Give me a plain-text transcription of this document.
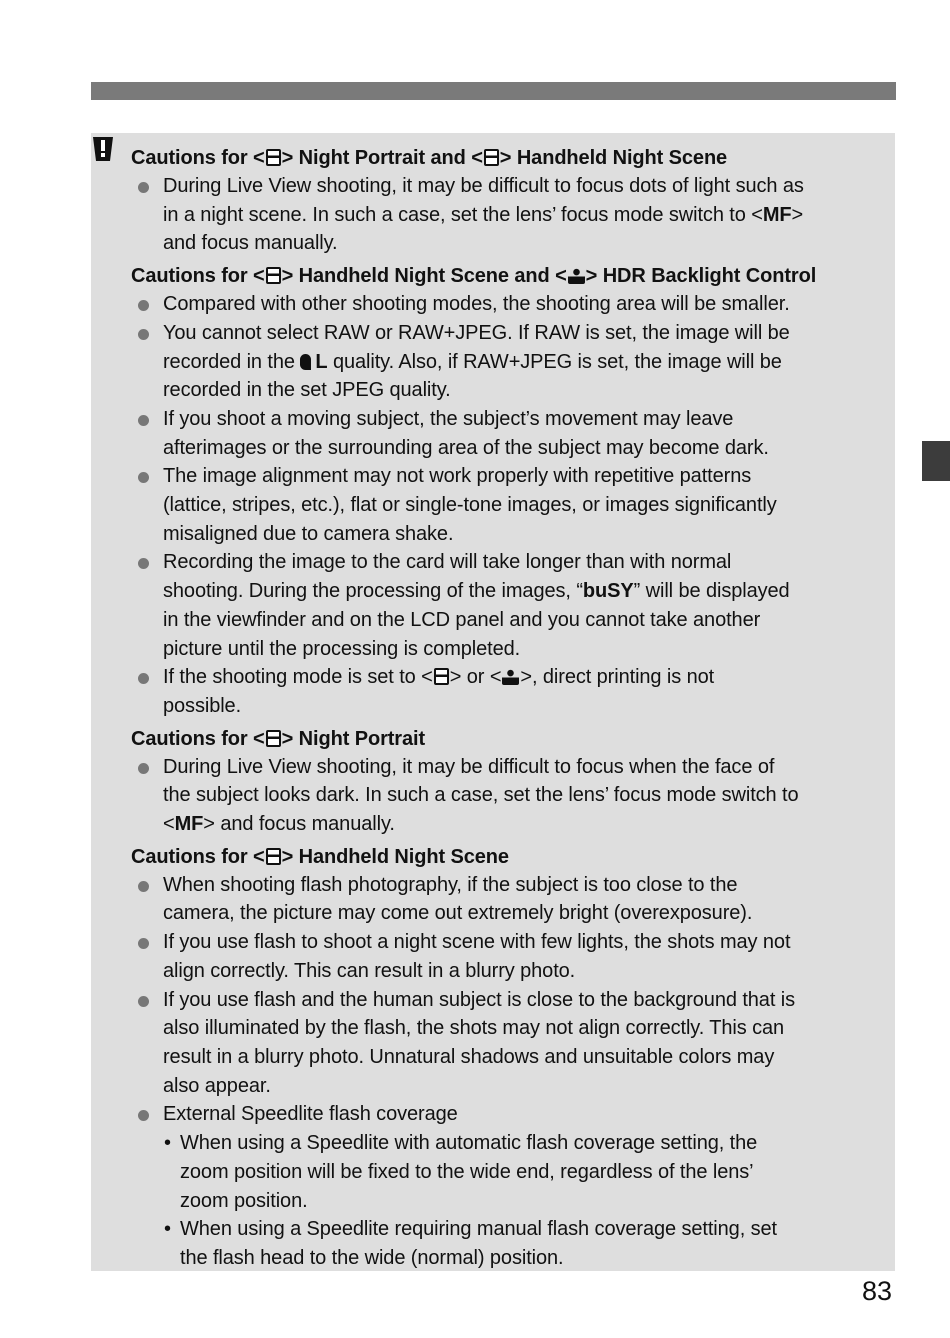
Cautions for < > Night Portrait and < > Handheld Night Scene

During Live View shooting, it may be difficult to focus dots of light such as
in a night scene. In such a case, set the lens’ focus mode switch to <MF>
and focus manually.

Cautions for < > Handheld Night Scene and < > HDR Backlight Control

Compared with other shooting modes, the shooting area will be smaller.
You cannot select RAW or RAW+JPEG. If RAW is set, the image will be
recorded in the L quality. Also, if RAW+JPEG is set, the image will be
recorded in the set JPEG quality.
If you shoot a moving subject, the subject’s movement may leave
afterimages or the surrounding area of the subject may become dark.
The image alignment may not work properly with repetitive patterns
(lattice, stripes, etc.), flat or single-tone images, or images significantly
misaligned due to camera shake.
Recording the image to the card will take longer than with normal
shooting. During the processing of the images, “buSY” will be displayed
in the viewfinder and on the LCD panel and you cannot take another
picture until the processing is completed.
If the shooting mode is set to < > or < >, direct printing is not
possible.

Cautions for < > Night Portrait

During Live View shooting, it may be difficult to focus when the face of
the subject looks dark. In such a case, set the lens’ focus mode switch to
<MF> and focus manually.

Cautions for < > Handheld Night Scene

When shooting flash photography, if the subject is too close to the
camera, the picture may come out extremely bright (overexposure).
If you use flash to shoot a night scene with few lights, the shots may not
align correctly. This can result in a blurry photo.
If you use flash and the human subject is close to the background that is
also illuminated by the flash, the shots may not align correctly. This can
result in a blurry photo. Unnatural shadows and unsuitable colors may
also appear.
External Speedlite flash coverage
• When using a Speedlite with automatic flash coverage setting, the
zoom position will be fixed to the wide end, regardless of the lens’
zoom position.
• When using a Speedlite requiring manual flash coverage setting, set
the flash head to the wide (normal) position.
83
